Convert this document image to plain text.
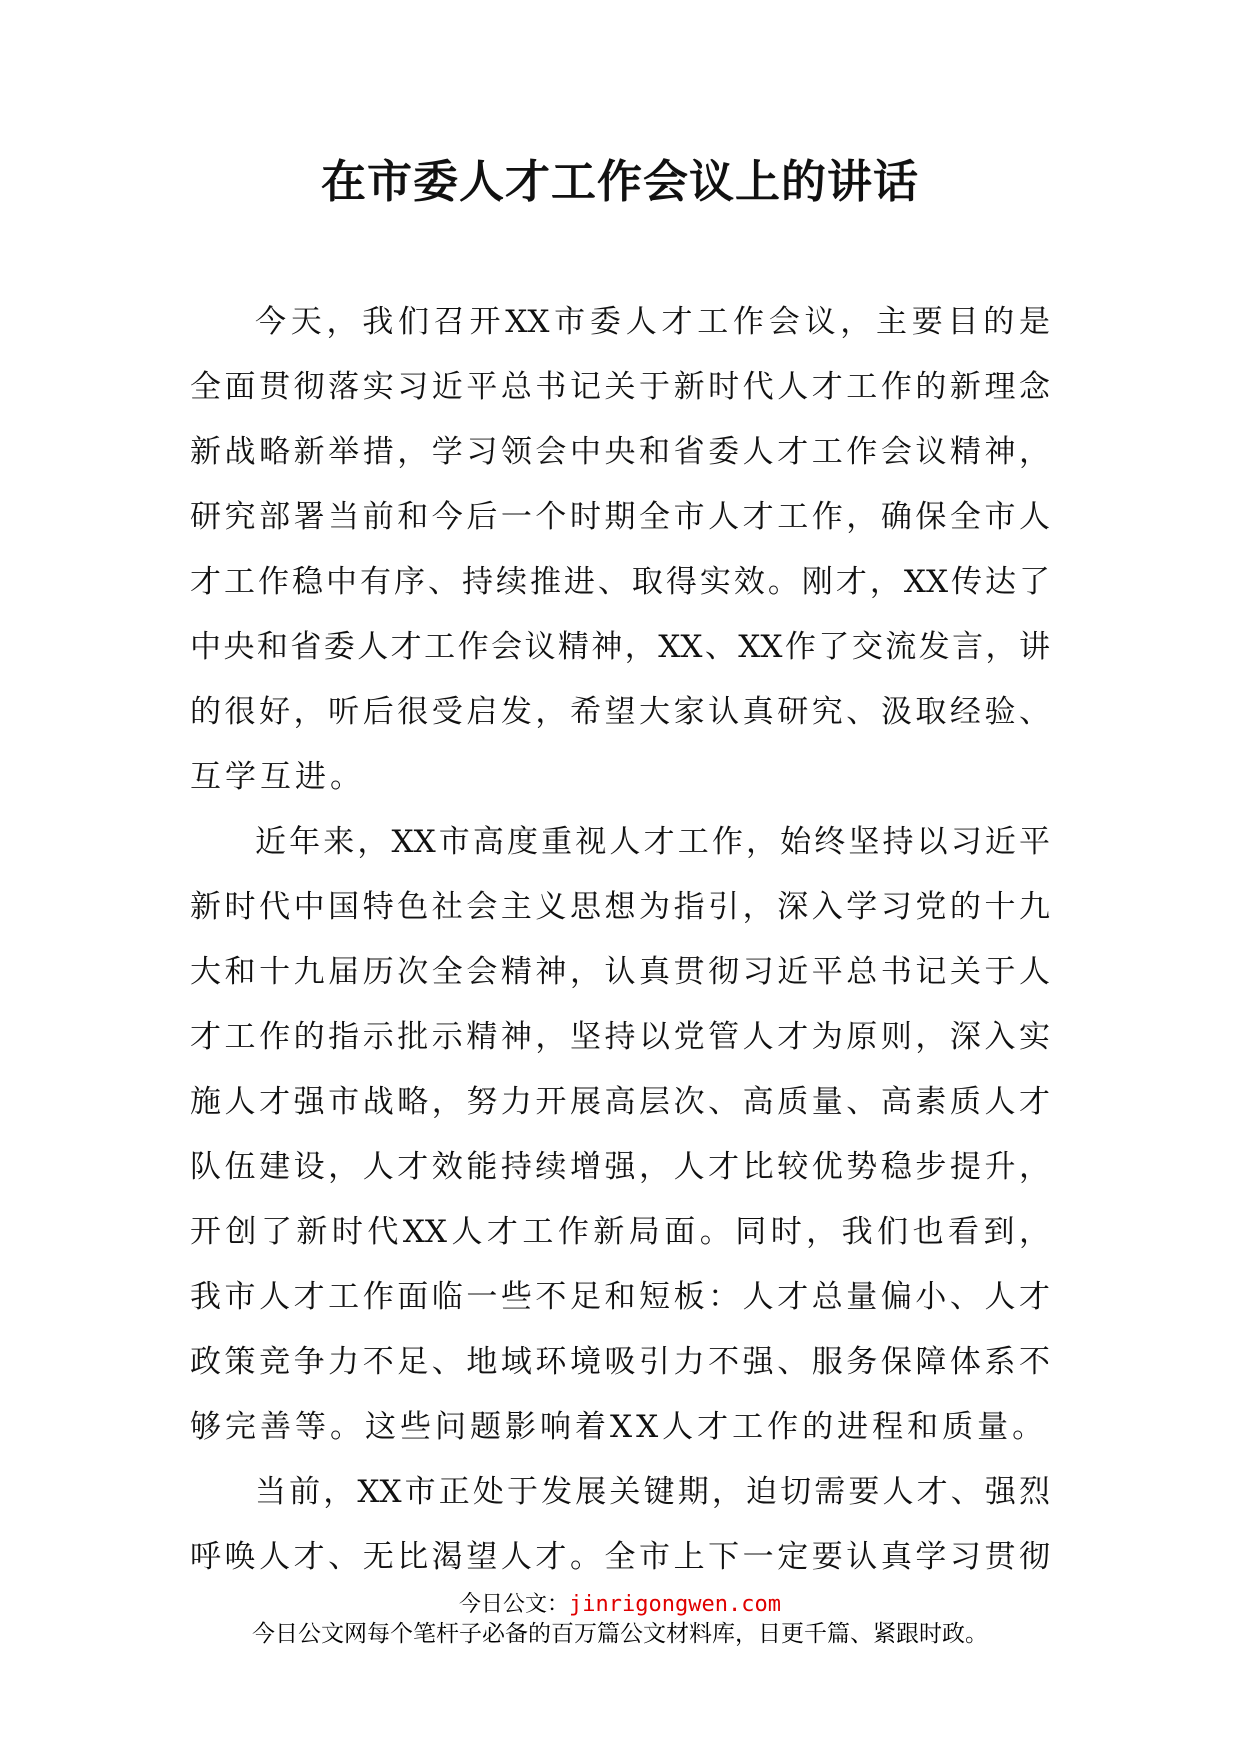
在市委人才工作会议上的讲话
今天，我们召开XX市委人才工作会议，主要目的是
全面贯彻落实习近平总书记关于新时代人才工作的新理念
新战略新举措，学习领会中央和省委人才工作会议精神，
研究部署当前和今后一个时期全市人才工作，确保全市人
才工作稳中有序、持续推进、取得实效。刚才，XX传达了
中央和省委人才工作会议精神，XX、XX作了交流发言，讲
的很好，听后很受启发，希望大家认真研究、汲取经验、
互学互进。
近年来，XX市高度重视人才工作，始终坚持以习近平
新时代中国特色社会主义思想为指引，深入学习党的十九
大和十九届历次全会精神，认真贯彻习近平总书记关于人
才工作的指示批示精神，坚持以党管人才为原则，深入实
施人才强市战略，努力开展高层次、高质量、高素质人才
队伍建设，人才效能持续增强，人才比较优势稳步提升，
开创了新时代XX人才工作新局面。同时，我们也看到，
我市人才工作面临一些不足和短板：人才总量偏小、人才
政策竞争力不足、地域环境吸引力不强、服务保障体系不
够完善等。这些问题影响着XX人才工作的进程和质量。
当前，XX市正处于发展关键期，迫切需要人才、强烈
呼唤人才、无比渴望人才。全市上下一定要认真学习贯彻
今日公文：jinrigongwen.com
今日公文网每个笔杆子必备的百万篇公文材料库，日更千篇、紧跟时政。
